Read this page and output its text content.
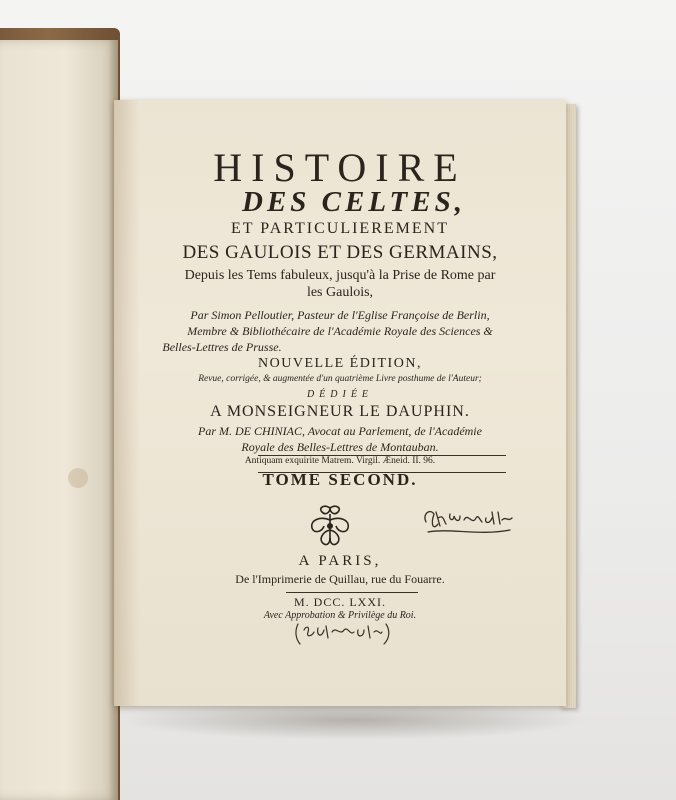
HISTOIRE
DES CELTES,
ET PARTICULIEREMENT
DES GAULOIS ET DES GERMAINS,
Depuis les Tems fabuleux, jusqu'à la Prise de Rome par
les Gaulois,
Par Simon Pelloutier, Pasteur de l'Eglise Françoise de Berlin,
Membre & Bibliothécaire de l'Académie Royale des Sciences &
Belles-Lettres de Prusse.
NOUVELLE ÉDITION,
Revue, corrigée, & augmentée d'un quatrième Livre posthume de l'Auteur;
DÉDIÉE
A MONSEIGNEUR LE DAUPHIN.
Par M. DE CHINIAC, Avocat au Parlement, de l'Académie
Royale des Belles-Lettres de Montauban.
Antiquam exquirite Matrem. Virgil. Æneid. II. 96.
TOME SECOND.
A PARIS,
De l'Imprimerie de Quillau, rue du Fouarre.
M. DCC. LXXI.
Avec Approbation & Privilège du Roi.
